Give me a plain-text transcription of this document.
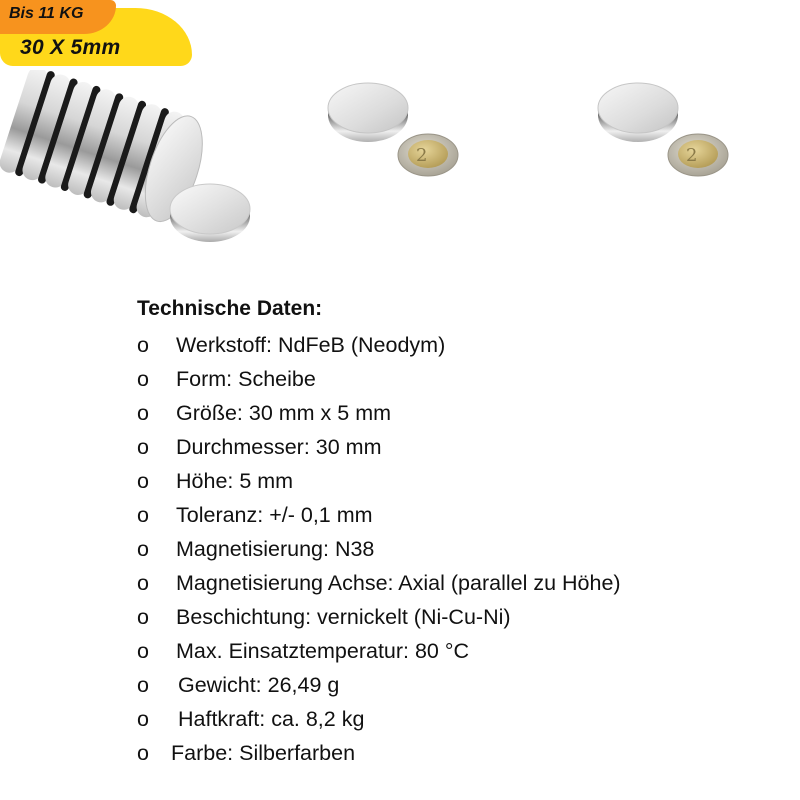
30 X 5mm
Bis 11 KG
2	2
Technische Daten:
o Werkstoff: NdFeB (Neodym)
o Form: Scheibe
o Größe: 30 mm x 5 mm
o Durchmesser: 30 mm
o Höhe: 5 mm
o Toleranz: +/- 0,1 mm
o Magnetisierung: N38
o Magnetisierung Achse: Axial (parallel zu Höhe)
o Beschichtung: vernickelt (Ni-Cu-Ni)
o Max. Einsatztemperatur: 80 °C
o Gewicht: 26,49 g
o Haftkraft: ca. 8,2 kg
o Farbe: Silberfarben
